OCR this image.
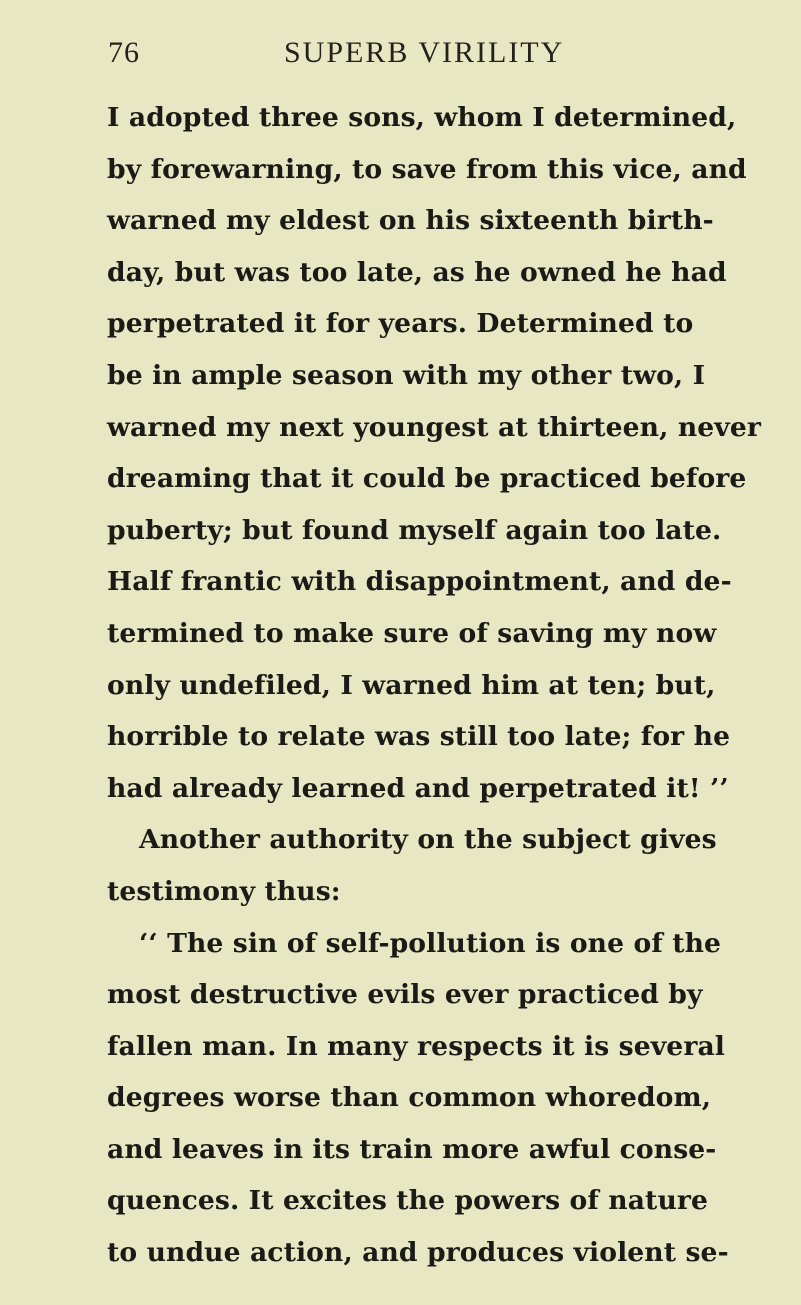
76	SUPERB VIRILITY
I adopted three sons, whom I determined,
by forewarning, to save from this vice, and
warned my eldest on his sixteenth birth-
day, but was too late, as he owned he had
perpetrated it for years. Determined to
be in ample season with my other two, I
warned my next youngest at thirteen, never
dreaming that it could be practiced before
puberty; but found myself again too late.
Half frantic with disappointment, and de-
termined to make sure of saving my now
only undefiled, I warned him at ten; but,
horrible to relate was still too late; for he
had already learned and perpetrated it! ’’
Another authority on the subject gives
testimony thus:
‘‘ The sin of self-pollution is one of the
most destructive evils ever practiced by
fallen man. In many respects it is several
degrees worse than common whoredom,
and leaves in its train more awful conse-
quences. It excites the powers of nature
to undue action, and produces violent se-
